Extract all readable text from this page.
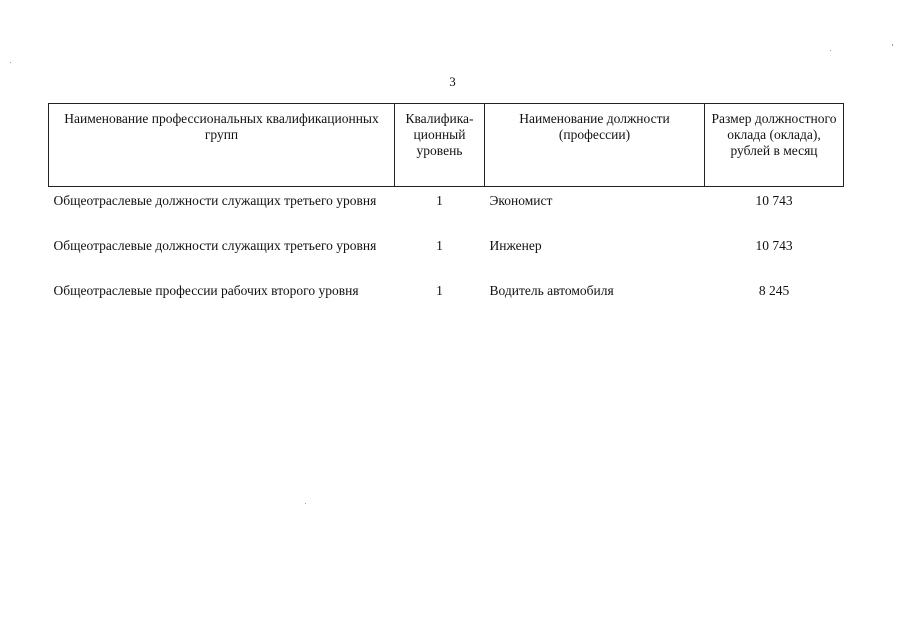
3
Наименование профессиональных квалификационных групп	Квалифика-ционный уровень	Наименование должности (профессии)	Размер должностного оклада (оклада), рублей в месяц
Общеотраслевые должности служащих третьего уровня	1	Экономист	10 743
Общеотраслевые должности служащих третьего уровня	1	Инженер	10 743
Общеотраслевые профессии рабочих второго уровня	1	Водитель автомобиля	8 245
